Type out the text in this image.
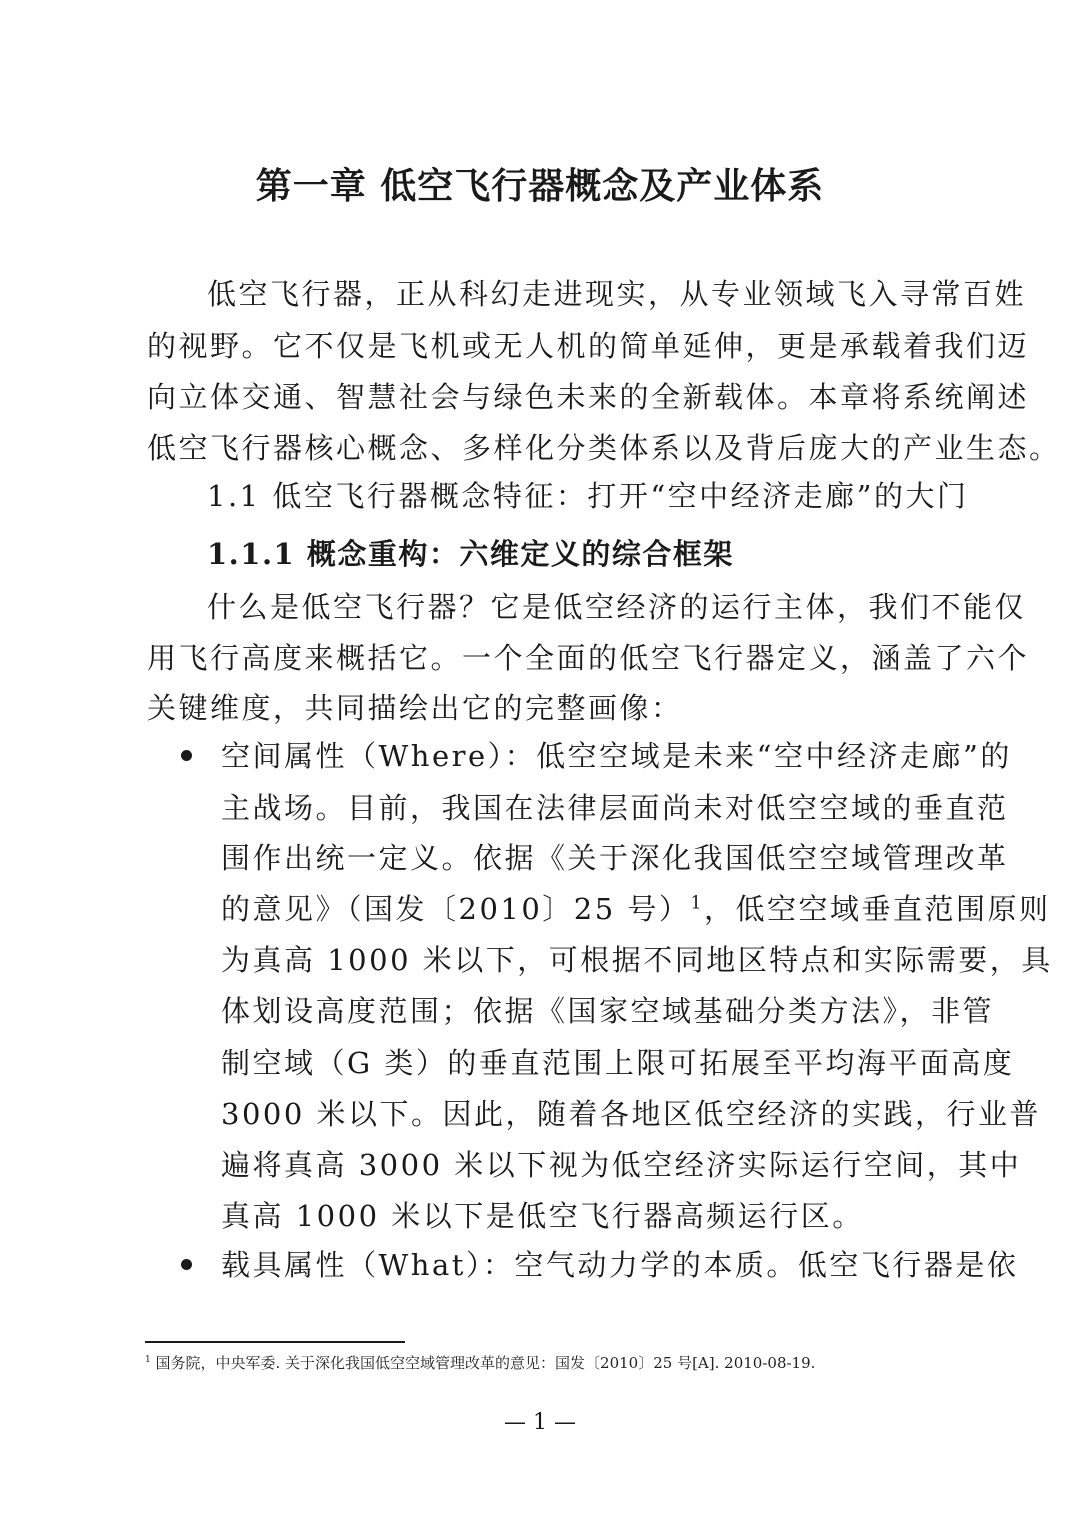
第一章 低空飞行器概念及产业体系
低空飞行器，正从科幻走进现实，从专业领域飞入寻常百姓
的视野。它不仅是飞机或无人机的简单延伸，更是承载着我们迈
向立体交通、智慧社会与绿色未来的全新载体。本章将系统阐述
低空飞行器核心概念、多样化分类体系以及背后庞大的产业生态。
1.1 低空飞行器概念特征：打开“空中经济走廊”的大门
1.1.1 概念重构：六维定义的综合框架
什么是低空飞行器？它是低空经济的运行主体，我们不能仅
用飞行高度来概括它。一个全面的低空飞行器定义，涵盖了六个
关键维度，共同描绘出它的完整画像：
空间属性（Where）：低空空域是未来“空中经济走廊”的
主战场。目前，我国在法律层面尚未对低空空域的垂直范
围作出统一定义。依据《关于深化我国低空空域管理改革
的意见》（国发〔2010〕25 号）$^1$，低空空域垂直范围原则
为真高 1000 米以下，可根据不同地区特点和实际需要，具
体划设高度范围；依据《国家空域基础分类方法》，非管
制空域（G 类）的垂直范围上限可拓展至平均海平面高度
3000 米以下。因此，随着各地区低空经济的实践，行业普
遍将真高 3000 米以下视为低空经济实际运行空间，其中
真高 1000 米以下是低空飞行器高频运行区。
载具属性（What）：空气动力学的本质。低空飞行器是依
$^1$ 国务院，中央军委. 关于深化我国低空空域管理改革的意见：国发〔2010〕25 号[A]. 2010-08-19.
— 1 —
